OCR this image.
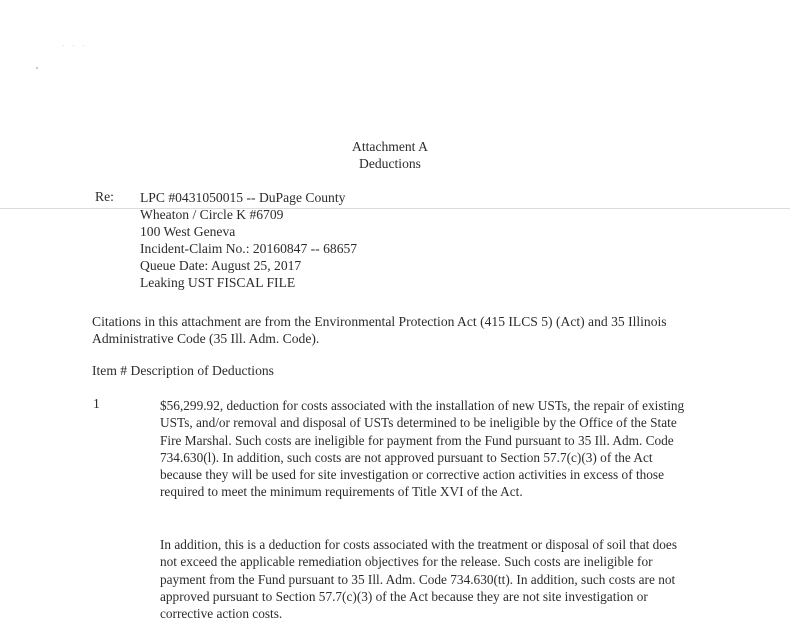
· · ·
Attachment A
Deductions
Re: LPC #0431050015 -- DuPage County
Wheaton / Circle K #6709
100 West Geneva
Incident-Claim No.: 20160847 -- 68657
Queue Date: August 25, 2017
Leaking UST FISCAL FILE
Citations in this attachment are from the Environmental Protection Act (415 ILCS 5) (Act) and 35 Illinois Administrative Code (35 Ill. Adm. Code).
Item # Description of Deductions
1	$56,299.92, deduction for costs associated with the installation of new USTs, the repair of existing USTs, and/or removal and disposal of USTs determined to be ineligible by the Office of the State Fire Marshal. Such costs are ineligible for payment from the Fund pursuant to 35 Ill. Adm. Code 734.630(l). In addition, such costs are not approved pursuant to Section 57.7(c)(3) of the Act because they will be used for site investigation or corrective action activities in excess of those required to meet the minimum requirements of Title XVI of the Act.
In addition, this is a deduction for costs associated with the treatment or disposal of soil that does not exceed the applicable remediation objectives for the release. Such costs are ineligible for payment from the Fund pursuant to 35 Ill. Adm. Code 734.630(tt). In addition, such costs are not approved pursuant to Section 57.7(c)(3) of the Act because they are not site investigation or corrective action costs.
